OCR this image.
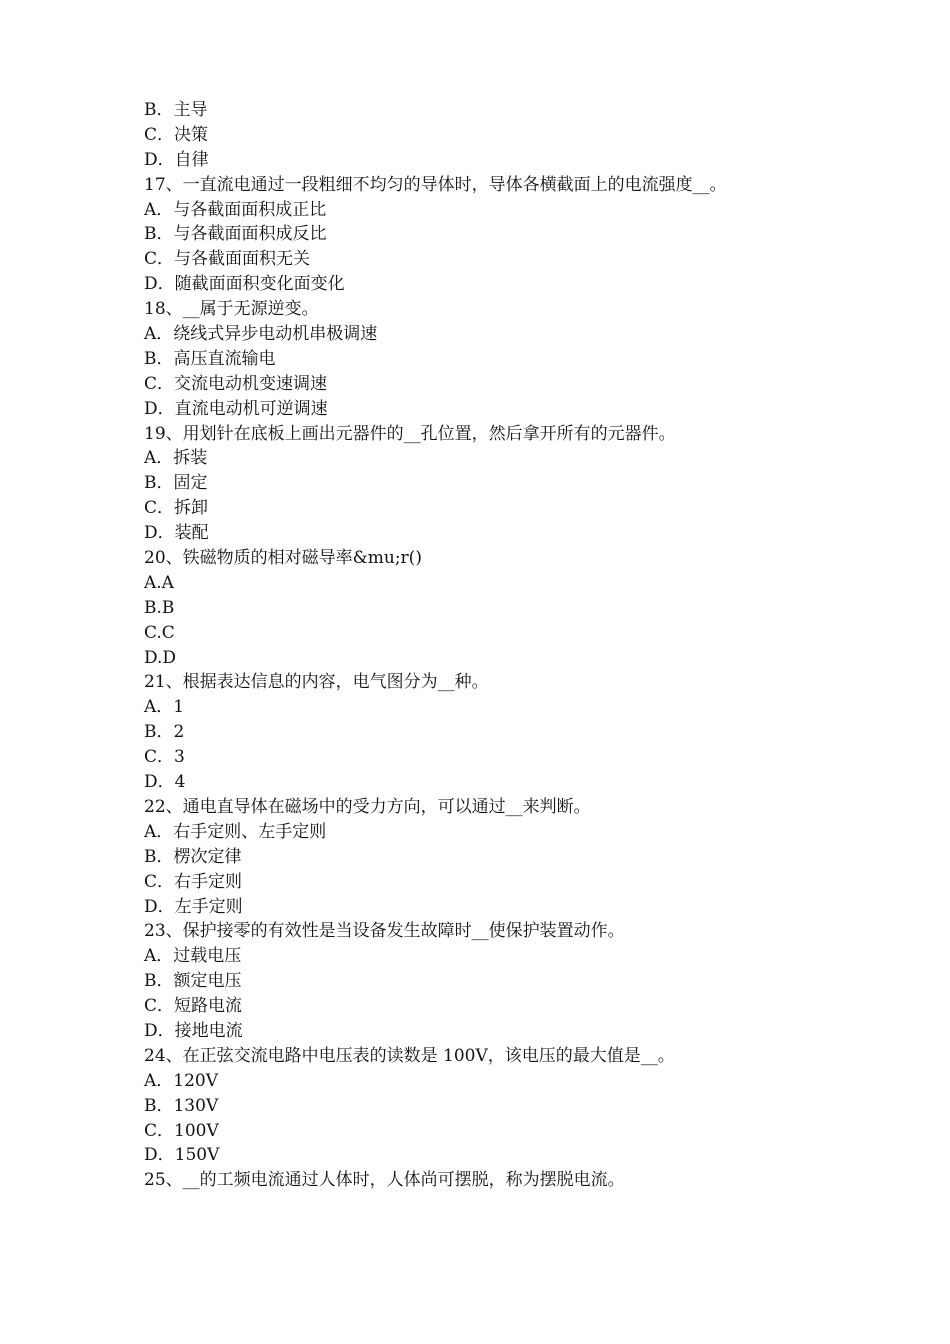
B．主导
C．决策
D．自律
17、一直流电通过一段粗细不均匀的导体时，导体各横截面上的电流强度__。
A．与各截面面积成正比
B．与各截面面积成反比
C．与各截面面积无关
D．随截面面积变化面变化
18、__属于无源逆变。
A．绕线式异步电动机串极调速
B．高压直流输电
C．交流电动机变速调速
D．直流电动机可逆调速
19、用划针在底板上画出元器件的__孔位置，然后拿开所有的元器件。
A．拆装
B．固定
C．拆卸
D．装配
20、铁磁物质的相对磁导率&mu;r()
A.A
B.B
C.C
D.D
21、根据表达信息的内容，电气图分为__种。
A．1
B．2
C．3
D．4
22、通电直导体在磁场中的受力方向，可以通过__来判断。
A．右手定则、左手定则
B．楞次定律
C．右手定则
D．左手定则
23、保护接零的有效性是当设备发生故障时__使保护装置动作。
A．过载电压
B．额定电压
C．短路电流
D．接地电流
24、在正弦交流电路中电压表的读数是 100V，该电压的最大值是__。
A．120V
B．130V
C．100V
D．150V
25、__的工频电流通过人体时，人体尚可摆脱，称为摆脱电流。
